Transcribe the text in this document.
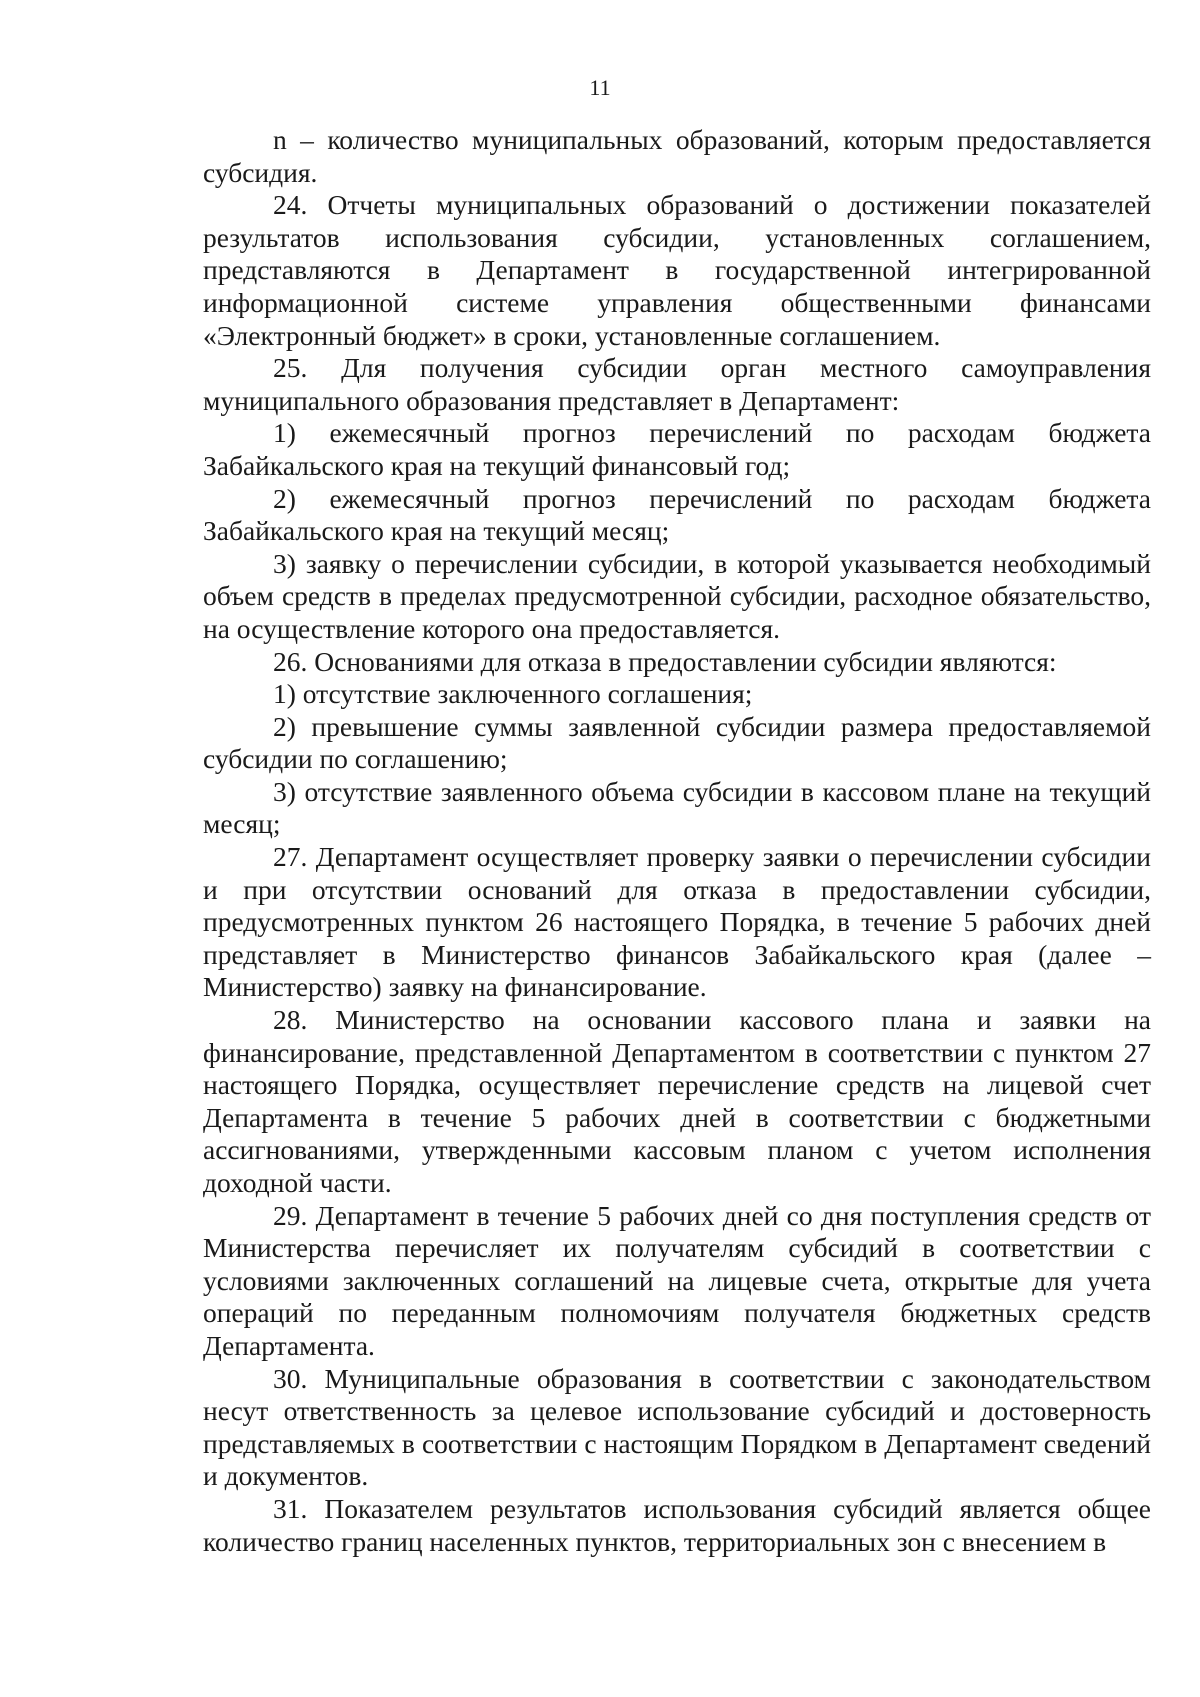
11

n – количество муниципальных образований, которым предоставляется субсидия.

24. Отчеты муниципальных образований о достижении показателей результатов использования субсидии, установленных соглашением, представляются в Департамент в государственной интегрированной информационной системе управления общественными финансами «Электронный бюджет» в сроки, установленные соглашением.

25. Для получения субсидии орган местного самоуправления муниципального образования представляет в Департамент:

1) ежемесячный прогноз перечислений по расходам бюджета Забайкальского края на текущий финансовый год;

2) ежемесячный прогноз перечислений по расходам бюджета Забайкальского края на текущий месяц;

3) заявку о перечислении субсидии, в которой указывается необходимый объем средств в пределах предусмотренной субсидии, расходное обязательство, на осуществление которого она предоставляется.

26. Основаниями для отказа в предоставлении субсидии являются:

1) отсутствие заключенного соглашения;

2) превышение суммы заявленной субсидии размера предоставляемой субсидии по соглашению;

3) отсутствие заявленного объема субсидии в кассовом плане на текущий месяц;

27. Департамент осуществляет проверку заявки о перечислении субсидии и при отсутствии оснований для отказа в предоставлении субсидии, предусмотренных пунктом 26 настоящего Порядка, в течение 5 рабочих дней представляет в Министерство финансов Забайкальского края (далее – Министерство) заявку на финансирование.

28. Министерство на основании кассового плана и заявки на финансирование, представленной Департаментом в соответствии с пунктом 27 настоящего Порядка, осуществляет перечисление средств на лицевой счет Департамента в течение 5 рабочих дней в соответствии с бюджетными ассигнованиями, утвержденными кассовым планом с учетом исполнения доходной части.

29. Департамент в течение 5 рабочих дней со дня поступления средств от Министерства перечисляет их получателям субсидий в соответствии с условиями заключенных соглашений на лицевые счета, открытые для учета операций по переданным полномочиям получателя бюджетных средств Департамента.

30. Муниципальные образования в соответствии с законодательством несут ответственность за целевое использование субсидий и достоверность представляемых в соответствии с настоящим Порядком в Департамент сведений и документов.

31. Показателем результатов использования субсидий является общее количество границ населенных пунктов, территориальных зон с внесением в
